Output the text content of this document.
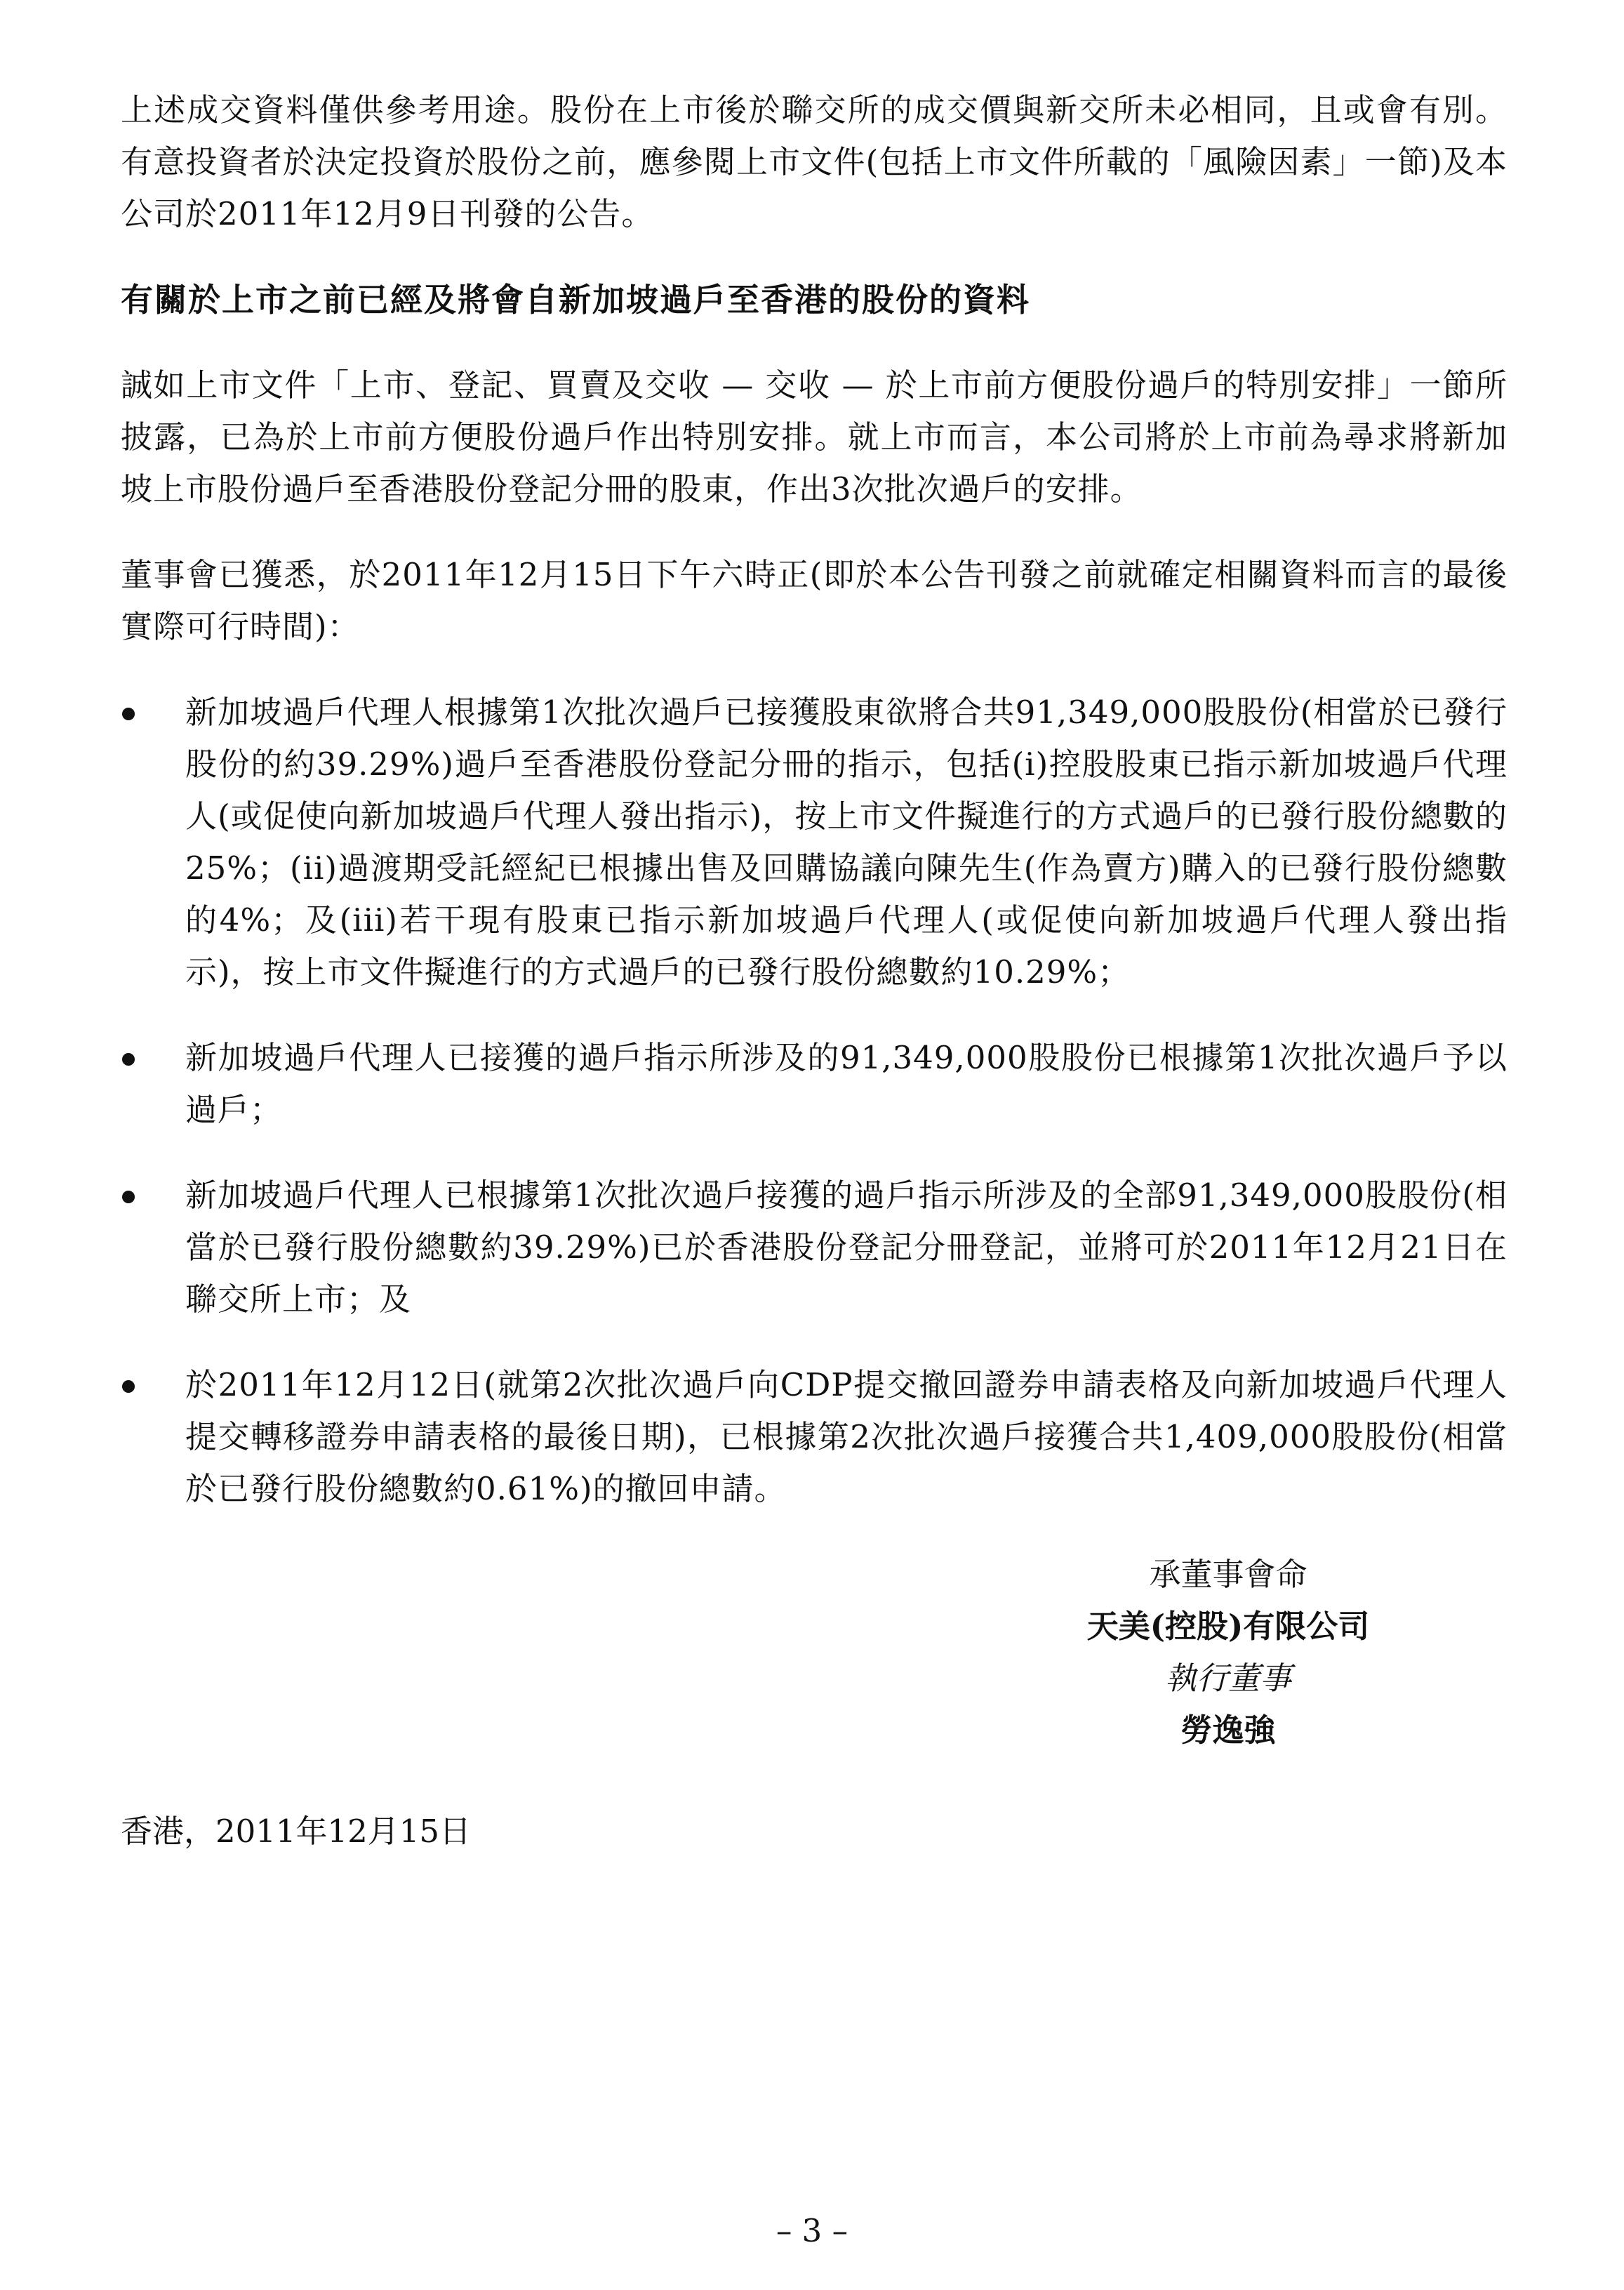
上述成交資料僅供參考用途。股份在上市後於聯交所的成交價與新交所未必相同，且或會有別。有意投資者於決定投資於股份之前，應參閱上市文件(包括上市文件所載的「風險因素」一節)及本公司於2011年12月9日刊發的公告。

有關於上市之前已經及將會自新加坡過戶至香港的股份的資料

誠如上市文件「上市、登記、買賣及交收 — 交收 — 於上市前方便股份過戶的特別安排」一節所披露，已為於上市前方便股份過戶作出特別安排。就上市而言，本公司將於上市前為尋求將新加坡上市股份過戶至香港股份登記分冊的股東，作出3次批次過戶的安排。

董事會已獲悉，於2011年12月15日下午六時正(即於本公告刊發之前就確定相關資料而言的最後實際可行時間)：

新加坡過戶代理人根據第1次批次過戶已接獲股東欲將合共91,349,000股股份(相當於已發行股份的約39.29%)過戶至香港股份登記分冊的指示，包括(i)控股股東已指示新加坡過戶代理人(或促使向新加坡過戶代理人發出指示)，按上市文件擬進行的方式過戶的已發行股份總數的25%；(ii)過渡期受託經紀已根據出售及回購協議向陳先生(作為賣方)購入的已發行股份總數的4%；及(iii)若干現有股東已指示新加坡過戶代理人(或促使向新加坡過戶代理人發出指示)，按上市文件擬進行的方式過戶的已發行股份總數約10.29%；
新加坡過戶代理人已接獲的過戶指示所涉及的91,349,000股股份已根據第1次批次過戶予以過戶；
新加坡過戶代理人已根據第1次批次過戶接獲的過戶指示所涉及的全部91,349,000股股份(相當於已發行股份總數約39.29%)已於香港股份登記分冊登記，並將可於2011年12月21日在聯交所上市；及
於2011年12月12日(就第2次批次過戶向CDP提交撤回證券申請表格及向新加坡過戶代理人提交轉移證券申請表格的最後日期)，已根據第2次批次過戶接獲合共1,409,000股股份(相當於已發行股份總數約0.61%)的撤回申請。
承董事會命
天美(控股)有限公司
執行董事
勞逸強
香港，2011年12月15日
– 3 –
